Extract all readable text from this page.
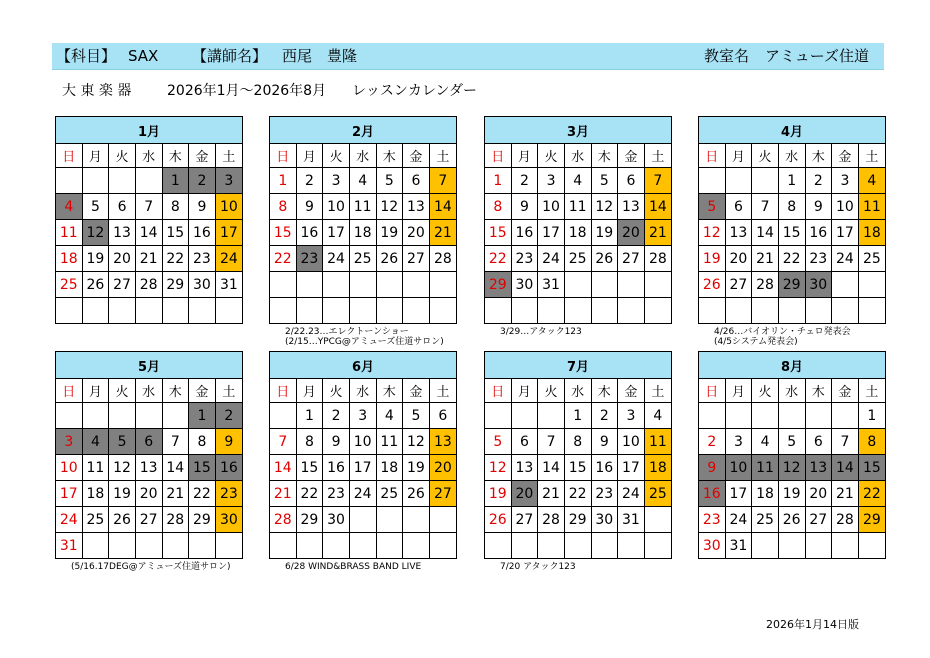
【科目】 SAX 【講師名】 西尾　豊隆	教室名 アミューズ住道
大 東 楽 器	2026年1月～2026年8月 レッスンカレンダー
1月						
日	月	火	水	木	金	土
				1	2	3
4	5	6	7	8	9	10
11	12	13	14	15	16	17
18	19	20	21	22	23	24
25	26	27	28	29	30	31

2月						
日	月	火	水	木	金	土
1	2	3	4	5	6	7
8	9	10	11	12	13	14
15	16	17	18	19	20	21
22	23	24	25	26	27	28

2/22.23…エレクトーンショー
(2/15…YPCG@アミューズ住道サロン)
3月						
日	月	火	水	木	金	土
1	2	3	4	5	6	7
8	9	10	11	12	13	14
15	16	17	18	19	20	21
22	23	24	25	26	27	28
29	30	31				

3/29…アタック123
4月						
日	月	火	水	木	金	土
			1	2	3	4
5	6	7	8	9	10	11
12	13	14	15	16	17	18
19	20	21	22	23	24	25
26	27	28	29	30		

4/26…バイオリン・チェロ発表会
(4/5システム発表会)
5月						
日	月	火	水	木	金	土
					1	2
3	4	5	6	7	8	9
10	11	12	13	14	15	16
17	18	19	20	21	22	23
24	25	26	27	28	29	30
31						
(5/16.17DEG@アミューズ住道サロン)
6月						
日	月	火	水	木	金	土
	1	2	3	4	5	6
7	8	9	10	11	12	13
14	15	16	17	18	19	20
21	22	23	24	25	26	27
28	29	30				

6/28 WIND&BRASS BAND LIVE
7月						
日	月	火	水	木	金	土
			1	2	3	4
5	6	7	8	9	10	11
12	13	14	15	16	17	18
19	20	21	22	23	24	25
26	27	28	29	30	31	

7/20 アタック123
8月						
日	月	火	水	木	金	土
						1
2	3	4	5	6	7	8
9	10	11	12	13	14	15
16	17	18	19	20	21	22
23	24	25	26	27	28	29
30	31					
2026年1月14日版
